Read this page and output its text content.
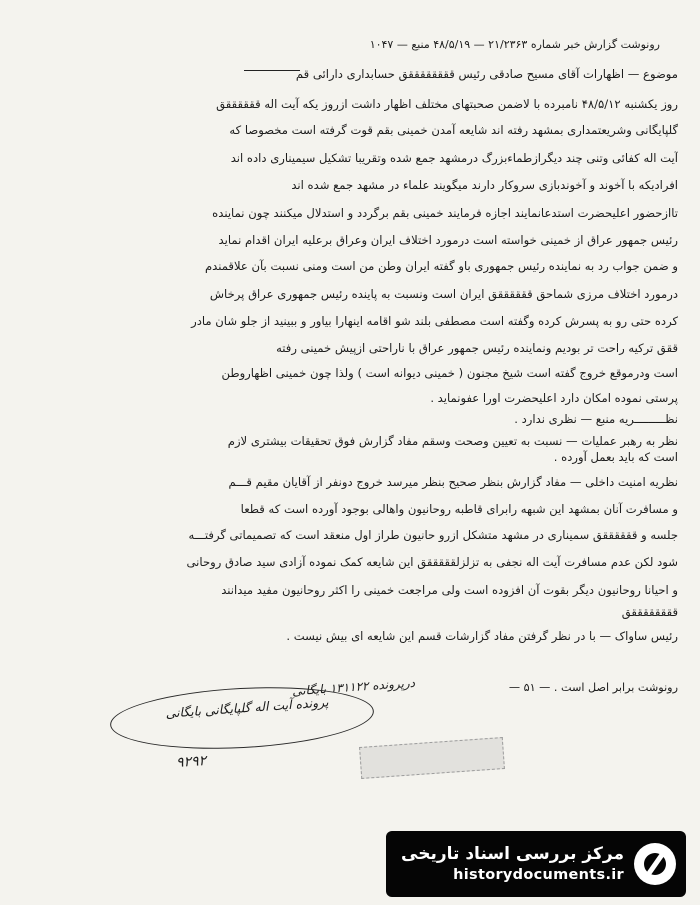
رونوشت گزارش خبر شماره ۲۱/۲۳۶۳ — ۴۸/۵/۱۹ منبع — ۱۰۴۷
موضوع — اظهارات آقای مسیح صادقی رئیس ققققققققق حسابداری دارائی قم
روز یکشنبه ۴۸/۵/۱۲ نامبرده با لاضمن صحبتهای مختلف اظهار داشت ازروز یکه آیت اله ققققققق
گلپایگانی وشریعتمداری بمشهد رفته اند شایعه آمدن خمینی بقم قوت گرفته است مخصوصا که
آیت اله کفائی وتنی چند دیگرازطماءبزرگ درمشهد جمع شده وتقریبا تشکیل سیمیناری داده اند
افرادیکه با آخوند و آخوندبازی سروکار دارند میگویند علماء در مشهد جمع شده اند
تاازحضور اعلیحضرت استدعانمایند اجازه فرمایند خمینی بقم برگردد و استدلال میکنند چون نماینده
رئیس جمهور عراق از خمینی خواسته است درمورد اختلاف ایران وعراق برعلیه ایران اقدام نماید
و ضمن جواب رد به نماینده رئیس جمهوری باو گفته ایران وطن من است ومنی نسبت بآن علاقمندم
درمورد اختلاف مرزی شماحق ققققققق ایران است ونسبت به پاینده رئیس جمهوری عراق پرخاش
کرده حتی رو به پسرش کرده وگفته است مصطفی بلند شو اقامه اینهارا بیاور و ببینید از جلو شان مادر
ققق ترکیه راحت تر بودیم ونماینده رئیس جمهور عراق با ناراحتی ازپیش خمینی رفته
است ودرموقع خروج گفته است شیخ مجنون ( خمینی دیوانه است ) ولذا چون خمینی اظهاروطن
پرستی نموده امکان دارد اعلیحضرت اورا عفونماید .
نظـــــــــریه منبع — نظری ندارد .
نظر به رهبر عملیات — نسبت به تعیین وصحت وسقم مفاد گزارش فوق تحقیقات بیشتری لازم
است که باید بعمل آورده .
نظریه امنیت داخلی — مفاد گزارش بنظر صحیح بنظر میرسد خروج دونفر از آقایان مقیم قـــم
و مسافرت آنان بمشهد این شبهه رابرای قاطبه روحانیون واهالی بوجود آورده است که قطعا
جلسه و ققققققق سمیناری در مشهد متشکل ازرو حانیون طراز اول منعقد است که تصمیماتی گرفتـــه
شود لکن عدم مسافرت آیت اله نجفی به تزلزلقققققق این شایعه کمک نموده آزادی سید صادق روحانی
و احیانا روحانیون دیگر بقوت آن افزوده است ولی مراجعت خمینی را اکثر روحانیون مفید میدانند
ققققققققق
رئیس ساواک — با در نظر گرفتن مفاد گزارشات قسم این شایعه ای بیش نیست .
رونوشت برابر اصل است . — ۵۱ —
درپرونده ۱۳۱۱۲۲ بایگانی
پرونده آیت اله گلپایگانی بایگانی
۹۲۹۲
مرکز بررسی اسناد تاریخی
historydocuments.ir
